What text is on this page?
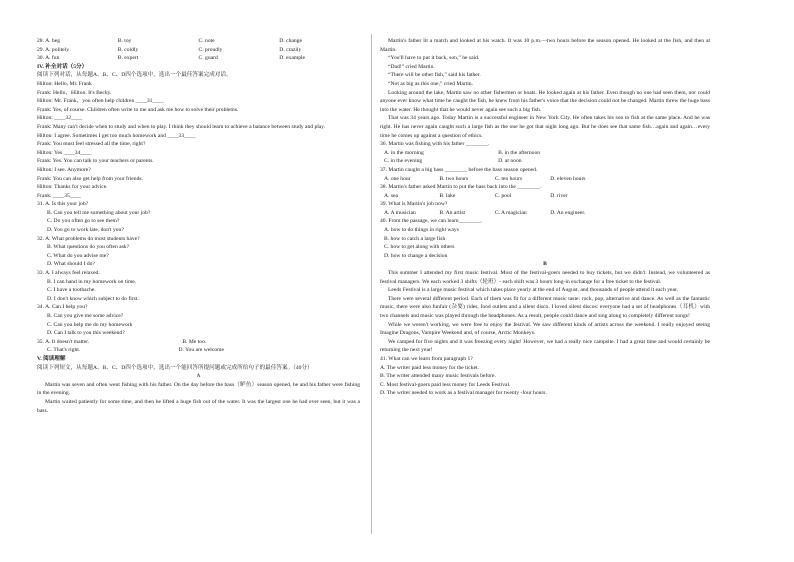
28. A. beg	B. toy	C. note	D. change
29. A. politely	B. coldly	C. proudly	D. crazily
30. A. fun	B. expert	C. guard	D. example
IV. 补全对话（5分）
阅读下列对话，从每题A、B、C、D四个选项中，选出一个最佳答案完成对话。
Hilton: Hello, Mr. Frank
Frank: Hello，Hilton. It's Becky.
Hilton: Mr. Frank，you often help children ____31____
Frank: Yes, of course. Children often write to me and ask me how to solve their problems.
Hilton: ____32____
Frank: Many can't decide when to study and when to play. I think they should learn to achieve a balance between study and play.
Hilton: I agree. Sometimes I get too much homework and ____33____
Frank: You must feel stressed all the time, right?
Hilton: Yes ____34____
Frank: Yes. You can talk to your teachers or parents.
Hilton: I see. Anymore?
Frank: You can also get help from your friends.
Hilton: Thanks for your advice.
Frank: ____35____
31. A. Is this your job?
B. Can you tell me something about your job?
C. Do you often go to see them?
D. You go to work late, don't you?
32. A. What problems do most students have?
B. What questions do you often ask?
C. What do you advise me?
D. What should I do?
33. A. I always feel relaxed.
B. I can hand in my homework on time.
C. I have a toothache.
D. I don't know which subject to do first.
34. A. Can I help you?
B. Can you give me some advice?
C. Can you help me do my homework
D. Can I talk to you this weekend?
35. A. It doesn't matter.	B. Me too.
C. That's right.	D. You are welcome
V. 阅读理解
阅读下列短文，从每题A、B、C、D四个选项中，选出一个能回答所提问题或完成所给句子的最佳答案。（40分）
A
Martin was seven and often went fishing with his father. On the day before the bass（鲈鱼）season opened, he and his father were fishing in the evening.
Martin waited patiently for some time, and then he lifted a huge fish out of the water. It was the largest one he had ever seen, but it was a bass.
Martin's father lit a match and looked at his watch. It was 10 p.m.—two hours before the season opened. He looked at the fish, and then at Martin.
“You'll have to put it back, son,” he said.
“Dad!” cried Martin.
“There will be other fish,” said his father.
“Not as big as this one,” cried Martin.
Looking around the lake, Martin saw no other fishermen or boats. He looked again at his father. Even though no one had seen them, nor could anyone ever know what time he caught the fish, he knew from his father's voice that the decision could not be changed. Martin threw the huge bass into the water. He thought that he would never again see such a big fish.
That was 34 years ago. Today Martin is a successful engineer in New York City. He often takes his son to fish at the same place. And he was right. He has never again caught such a large fish as the one he got that night long ago. But he does see that same fish…again and again…every time he comes up against a question of ethics.
36. Martin was fishing with his father ________.
A. in the morning	B. in the afternoon
C. in the evening	D. at noon
37. Martin caught a big bass ________ before the bass season opened.
A. one hour	B. two hours	C. ten hours	D. eleven hours
38. Martin's father asked Martin to put the bass back into the ________.
A. sea	B. lake	C. pool	D. river
39. What is Martin's job now?
A. A musician	B. An artist	C. A magician	D. An engineer.
40. From the passage, we can learn________.
A. how to do things in right ways
B. how to catch a large fish
C. how to get along with others
D. how to change a decision
B
This summer I attended my first music festival. Most of the festival-goers needed to buy tickets, but we didn't. Instead, we volunteered as festival managers. We each worked 3 shifts（轮班）- each shift was 3 hours long-in exchange for a free ticket to the festival.
Leeds Festival is a large music festival which takes place yearly at the end of August, and thousands of people attend it each year.
There were several different period. Each of them was fit for a different music taste: rock, pop, alternative and dance. As well as the fantastic music, there were also funfair (杂耍) rides, food outlets and a silent disco. I loved silent discos: everyone had a set of headphones（耳机）with two channels and music was played through the headphones. As a result, people could dance and sing along to completely different songs!
While we weren't working, we were free to enjoy the festival. We saw different kinds of artists across the weekend. I really enjoyed seeing Imagine Dragons, Vampire Weekend and, of course, Arctic Monkeys.
We camped for five nights and it was freezing every night! However, we had a really nice campsite. I had a great time and would certainly be returning the next year!
41. What can we learn from paragraph 1?
A. The writer paid less money for the ticket.
B. The writer attended many music festivals before.
C. Most festival-goers paid less money for Leeds Festival.
D. The writer needed to work as a festival manager for twenty -four hours.
